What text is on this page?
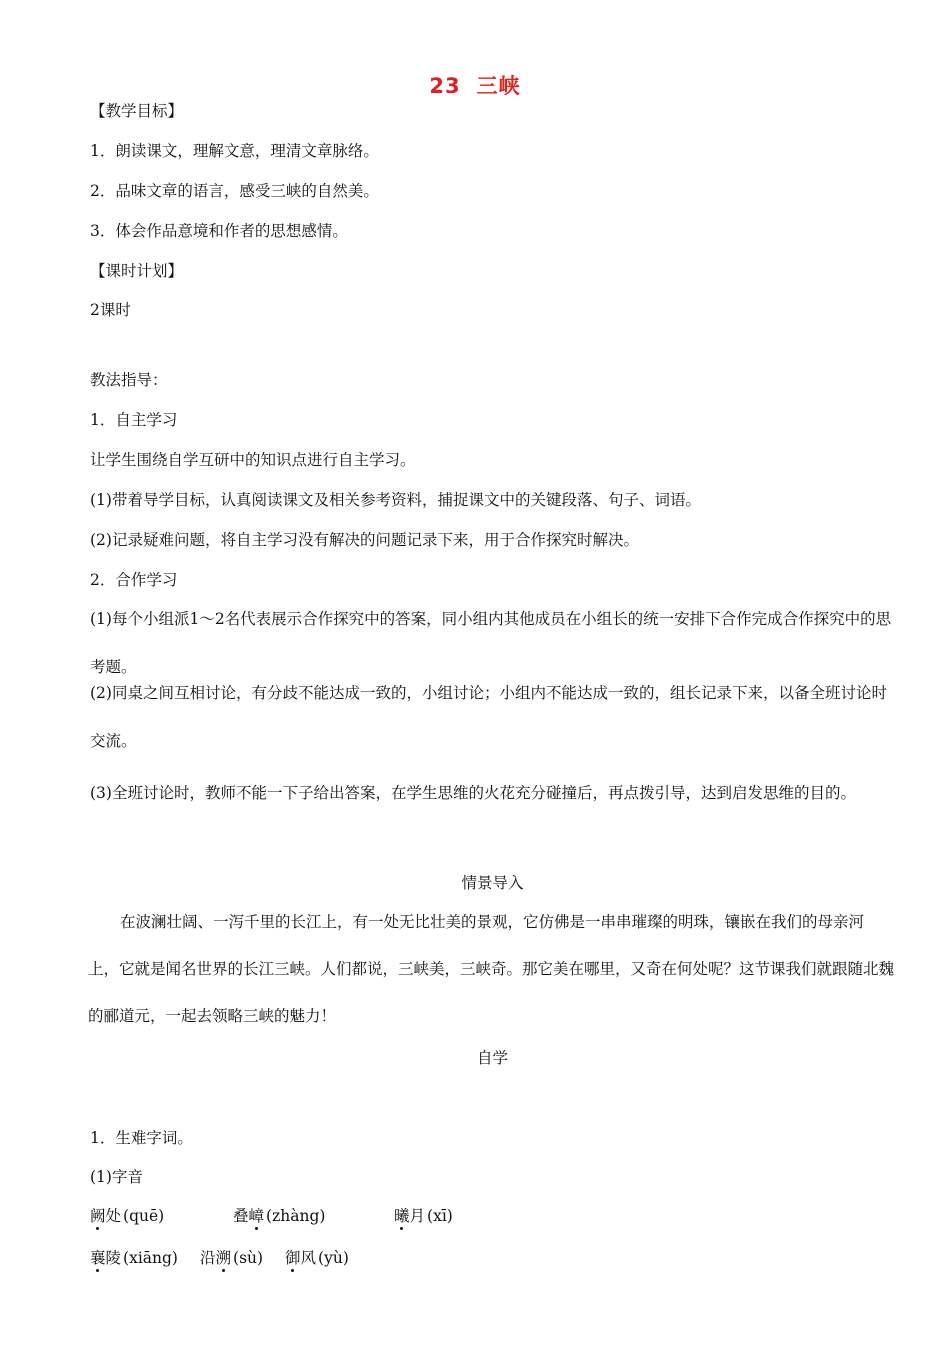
23 三峡
【教学目标】
1．朗读课文，理解文意，理清文章脉络。
2．品味文章的语言，感受三峡的自然美。
3．体会作品意境和作者的思想感情。
【课时计划】
2课时
教法指导：
1．自主学习
让学生围绕自学互研中的知识点进行自主学习。
(1)带着导学目标，认真阅读课文及相关参考资料，捕捉课文中的关键段落、句子、词语。
(2)记录疑难问题，将自主学习没有解决的问题记录下来，用于合作探究时解决。
2．合作学习
(1)每个小组派1～2名代表展示合作探究中的答案，同小组内其他成员在小组长的统一安排下合作完成合作探究中的思考题。
(2)同桌之间互相讨论，有分歧不能达成一致的，小组讨论；小组内不能达成一致的，组长记录下来，以备全班讨论时交流。
(3)全班讨论时，教师不能一下子给出答案，在学生思维的火花充分碰撞后，再点拨引导，达到启发思维的目的。
情景导入
在波澜壮阔、一泻千里的长江上，有一处无比壮美的景观，它仿佛是一串串璀璨的明珠，镶嵌在我们的母亲河上，它就是闻名世界的长江三峡。人们都说，三峡美，三峡奇。那它美在哪里，又奇在何处呢？这节课我们就跟随北魏的郦道元，一起去领略三峡的魅力！
自学
1．生难字词。
(1)字音
阙处 (quē)	叠嶂 (zhàng)	曦月 (xī)
襄陵 (xiāng) 沿溯 (sù) 御风 (yù)
